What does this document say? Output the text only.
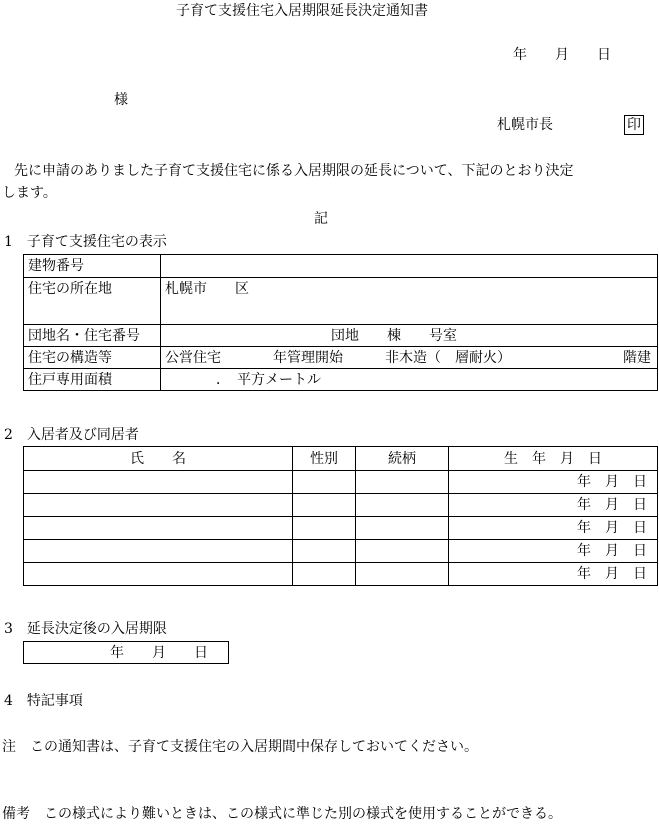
子育て支援住宅入居期限延長決定通知書
年　　月　　日
様
札幌市長	印
先に申請のありました子育て支援住宅に係る入居期限の延長について、下記のとおり決定
します。
記
1　子育て支援住宅の表示
建物番号				
住宅の所在地	札幌市　　区			
団地名・住宅番号	団地　　棟　　号室			
住宅の構造等	公営住宅	年管理開始	非木造（　層耐火）	階建
住戸専用面積	．　平方メートル			
2　入居者及び同居者
氏　　名	性別	続柄	生　年　月　日
			年　月　日
			年　月　日
			年　月　日
			年　月　日
			年　月　日
3　延長決定後の入居期限
年　　月　　日
4　特記事項
注　この通知書は、子育て支援住宅の入居期間中保存しておいてください。
備考　この様式により難いときは、この様式に準じた別の様式を使用することができる。
